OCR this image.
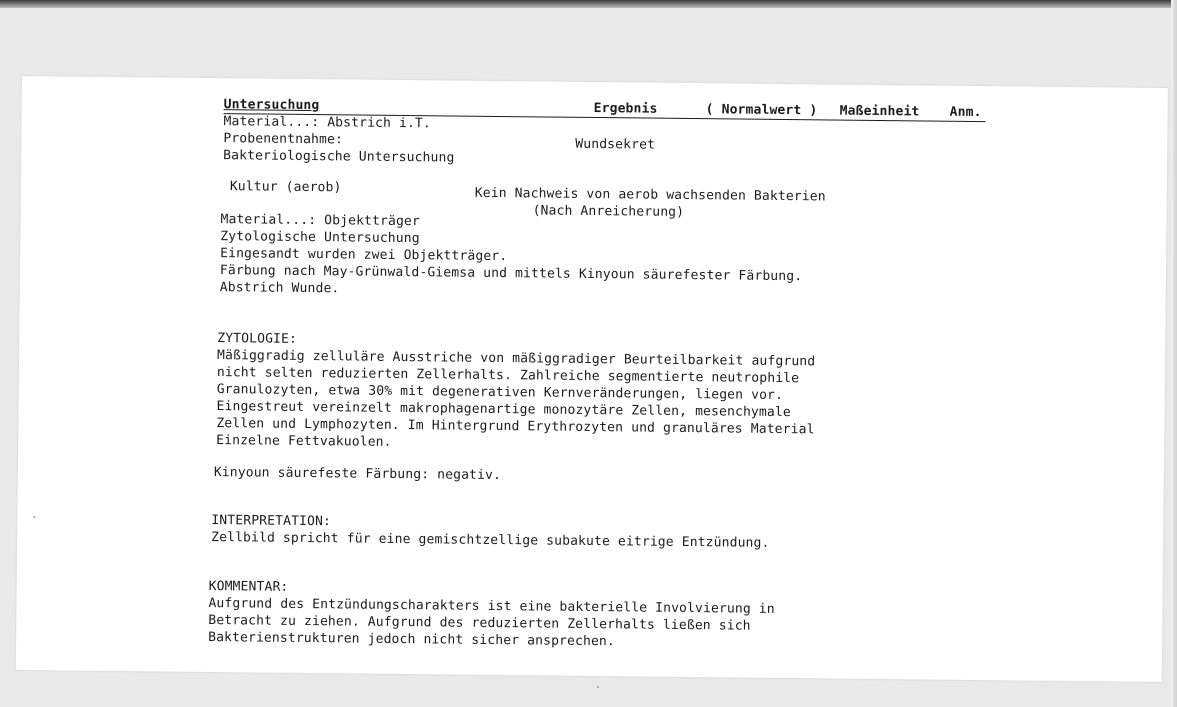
Untersuchung	Ergebnis	( Normalwert ) Maßeinheit Anm.
Material...: Abstrich i.T.
Probenentnahme:	Wundsekret
Bakteriologische Untersuchung
Kultur (aerob)	Kein Nachweis von aerob wachsenden Bakterien
(Nach Anreicherung)
Material...: Objektträger
Zytologische Untersuchung
Eingesandt wurden zwei Objektträger.
Färbung nach May-Grünwald-Giemsa und mittels Kinyoun säurefester Färbung.
Abstrich Wunde.
ZYTOLOGIE:
Mäßiggradig zelluläre Ausstriche von mäßiggradiger Beurteilbarkeit aufgrund
nicht selten reduzierten Zellerhalts. Zahlreiche segmentierte neutrophile
Granulozyten, etwa 30% mit degenerativen Kernveränderungen, liegen vor.
Eingestreut vereinzelt makrophagenartige monozytäre Zellen, mesenchymale
Zellen und Lymphozyten. Im Hintergrund Erythrozyten und granuläres Material
Einzelne Fettvakuolen.
Kinyoun säurefeste Färbung: negativ.
INTERPRETATION:
Zellbild spricht für eine gemischtzellige subakute eitrige Entzündung.
KOMMENTAR:
Aufgrund des Entzündungscharakters ist eine bakterielle Involvierung in
Betracht zu ziehen. Aufgrund des reduzierten Zellerhalts ließen sich
Bakterienstrukturen jedoch nicht sicher ansprechen.
